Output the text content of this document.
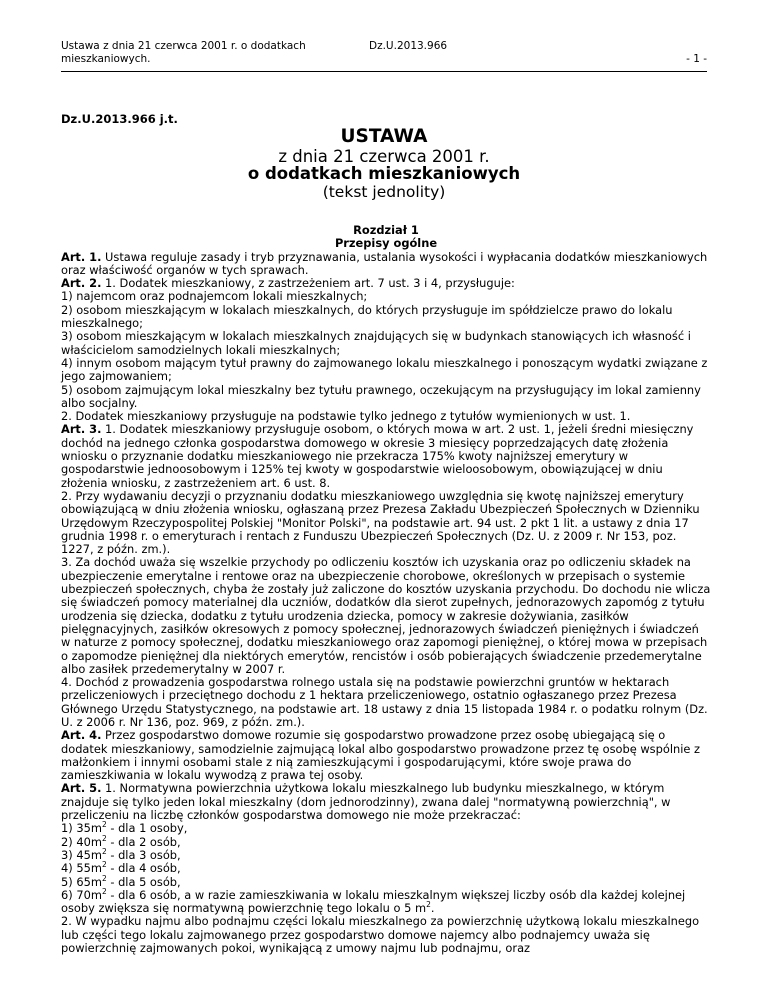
Ustawa z dnia 21 czerwca 2001 r. o dodatkach mieszkaniowych.
Dz.U.2013.966
- 1 -
Dz.U.2013.966 j.t.
USTAWA
z dnia 21 czerwca 2001 r.
o dodatkach mieszkaniowych
(tekst jednolity)
Rozdział 1
Przepisy ogólne

Art. 1. Ustawa reguluje zasady i tryb przyznawania, ustalania wysokości i wypłacania dodatków mieszkaniowych oraz właściwość organów w tych sprawach.

Art. 2. 1. Dodatek mieszkaniowy, z zastrzeżeniem art. 7 ust. 3 i 4, przysługuje:

1) najemcom oraz podnajemcom lokali mieszkalnych;

2) osobom mieszkającym w lokalach mieszkalnych, do których przysługuje im spółdzielcze prawo do lokalu mieszkalnego;

3) osobom mieszkającym w lokalach mieszkalnych znajdujących się w budynkach stanowiących ich własność i właścicielom samodzielnych lokali mieszkalnych;

4) innym osobom mającym tytuł prawny do zajmowanego lokalu mieszkalnego i ponoszącym wydatki związane z jego zajmowaniem;

5) osobom zajmującym lokal mieszkalny bez tytułu prawnego, oczekującym na przysługujący im lokal zamienny albo socjalny.

2. Dodatek mieszkaniowy przysługuje na podstawie tylko jednego z tytułów wymienionych w ust. 1.

Art. 3. 1. Dodatek mieszkaniowy przysługuje osobom, o których mowa w art. 2 ust. 1, jeżeli średni miesięczny dochód na jednego członka gospodarstwa domowego w okresie 3 miesięcy poprzedzających datę złożenia wniosku o przyznanie dodatku mieszkaniowego nie przekracza 175% kwoty najniższej emerytury w gospodarstwie jednoosobowym i 125% tej kwoty w gospodarstwie wieloosobowym, obowiązującej w dniu złożenia wniosku, z zastrzeżeniem art. 6 ust. 8.

2. Przy wydawaniu decyzji o przyznaniu dodatku mieszkaniowego uwzględnia się kwotę najniższej emerytury obowiązującą w dniu złożenia wniosku, ogłaszaną przez Prezesa Zakładu Ubezpieczeń Społecznych w Dzienniku Urzędowym Rzeczypospolitej Polskiej "Monitor Polski", na podstawie art. 94 ust. 2 pkt 1 lit. a ustawy z dnia 17 grudnia 1998 r. o emeryturach i rentach z Funduszu Ubezpieczeń Społecznych (Dz. U. z 2009 r. Nr 153, poz. 1227, z późn. zm.).

3. Za dochód uważa się wszelkie przychody po odliczeniu kosztów ich uzyskania oraz po odliczeniu składek na ubezpieczenie emerytalne i rentowe oraz na ubezpieczenie chorobowe, określonych w przepisach o systemie ubezpieczeń społecznych, chyba że zostały już zaliczone do kosztów uzyskania przychodu. Do dochodu nie wlicza się świadczeń pomocy materialnej dla uczniów, dodatków dla sierot zupełnych, jednorazowych zapomóg z tytułu urodzenia się dziecka, dodatku z tytułu urodzenia dziecka, pomocy w zakresie dożywiania, zasiłków pielęgnacyjnych, zasiłków okresowych z pomocy społecznej, jednorazowych świadczeń pieniężnych i świadczeń w naturze z pomocy społecznej, dodatku mieszkaniowego oraz zapomogi pieniężnej, o której mowa w przepisach o zapomodze pieniężnej dla niektórych emerytów, rencistów i osób pobierających świadczenie przedemerytalne albo zasiłek przedemerytalny w 2007 r.

4. Dochód z prowadzenia gospodarstwa rolnego ustala się na podstawie powierzchni gruntów w hektarach przeliczeniowych i przeciętnego dochodu z 1 hektara przeliczeniowego, ostatnio ogłaszanego przez Prezesa Głównego Urzędu Statystycznego, na podstawie art. 18 ustawy z dnia 15 listopada 1984 r. o podatku rolnym (Dz. U. z 2006 r. Nr 136, poz. 969, z późn. zm.).

Art. 4. Przez gospodarstwo domowe rozumie się gospodarstwo prowadzone przez osobę ubiegającą się o dodatek mieszkaniowy, samodzielnie zajmującą lokal albo gospodarstwo prowadzone przez tę osobę wspólnie z małżonkiem i innymi osobami stale z nią zamieszkującymi i gospodarującymi, które swoje prawa do zamieszkiwania w lokalu wywodzą z prawa tej osoby.

Art. 5. 1. Normatywna powierzchnia użytkowa lokalu mieszkalnego lub budynku mieszkalnego, w którym znajduje się tylko jeden lokal mieszkalny (dom jednorodzinny), zwana dalej "normatywną powierzchnią", w przeliczeniu na liczbę członków gospodarstwa domowego nie może przekraczać:

1) $35m^2$ - dla 1 osoby,

2) $40m^2$ - dla 2 osób,

3) $45m^2$ - dla 3 osób,

4) $55m^2$ - dla 4 osób,

5) $65m^2$ - dla 5 osób,

6) $70m^2$ - dla 6 osób, a w razie zamieszkiwania w lokalu mieszkalnym większej liczby osób dla każdej kolejnej osoby zwiększa się normatywną powierzchnię tego lokalu o 5 $m^2$.

2. W wypadku najmu albo podnajmu części lokalu mieszkalnego za powierzchnię użytkową lokalu mieszkalnego lub części tego lokalu zajmowanego przez gospodarstwo domowe najemcy albo podnajemcy uważa się powierzchnię zajmowanych pokoi, wynikającą z umowy najmu lub podnajmu, oraz
